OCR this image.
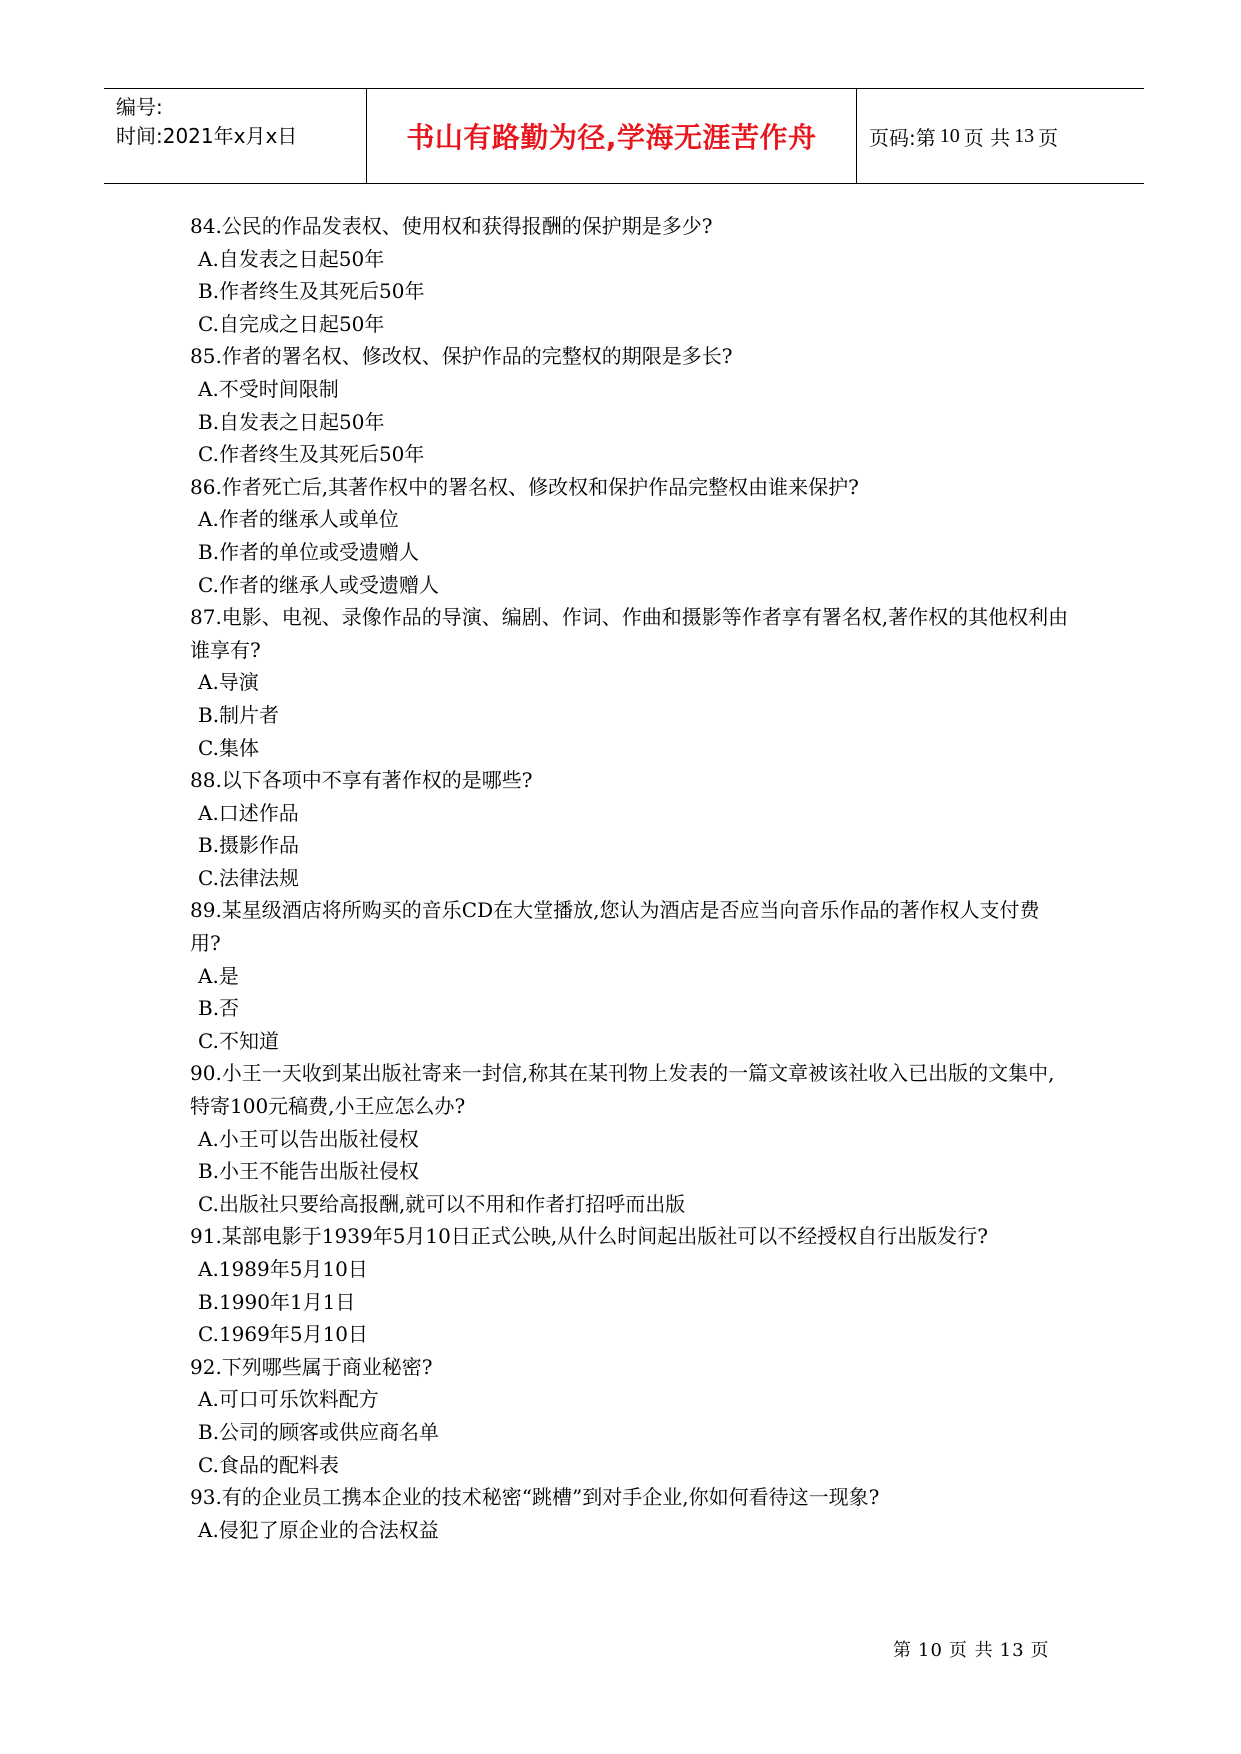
编号:
时间:2021年x月x日	书山有路勤为径,学海无涯苦作舟	页码:第 10 页 共 13 页

84.公民的作品发表权、使用权和获得报酬的保护期是多少?

A.自发表之日起50年

B.作者终生及其死后50年

C.自完成之日起50年

85.作者的署名权、修改权、保护作品的完整权的期限是多长?

A.不受时间限制

B.自发表之日起50年

C.作者终生及其死后50年

86.作者死亡后,其著作权中的署名权、修改权和保护作品完整权由谁来保护?

A.作者的继承人或单位

B.作者的单位或受遗赠人

C.作者的继承人或受遗赠人

87.电影、电视、录像作品的导演、编剧、作词、作曲和摄影等作者享有署名权,著作权的其他权利由谁享有?

A.导演

B.制片者

C.集体

88.以下各项中不享有著作权的是哪些?

A.口述作品

B.摄影作品

C.法律法规

89.某星级酒店将所购买的音乐CD在大堂播放,您认为酒店是否应当向音乐作品的著作权人支付费用?

A.是

B.否

C.不知道

90.小王一天收到某出版社寄来一封信,称其在某刊物上发表的一篇文章被该社收入已出版的文集中,特寄100元稿费,小王应怎么办?

A.小王可以告出版社侵权

B.小王不能告出版社侵权

C.出版社只要给高报酬,就可以不用和作者打招呼而出版

91.某部电影于1939年5月10日正式公映,从什么时间起出版社可以不经授权自行出版发行?

A.1989年5月10日

B.1990年1月1日

C.1969年5月10日

92.下列哪些属于商业秘密?

A.可口可乐饮料配方

B.公司的顾客或供应商名单

C.食品的配料表

93.有的企业员工携本企业的技术秘密“跳槽”到对手企业,你如何看待这一现象?

A.侵犯了原企业的合法权益

第 10 页 共 13 页
